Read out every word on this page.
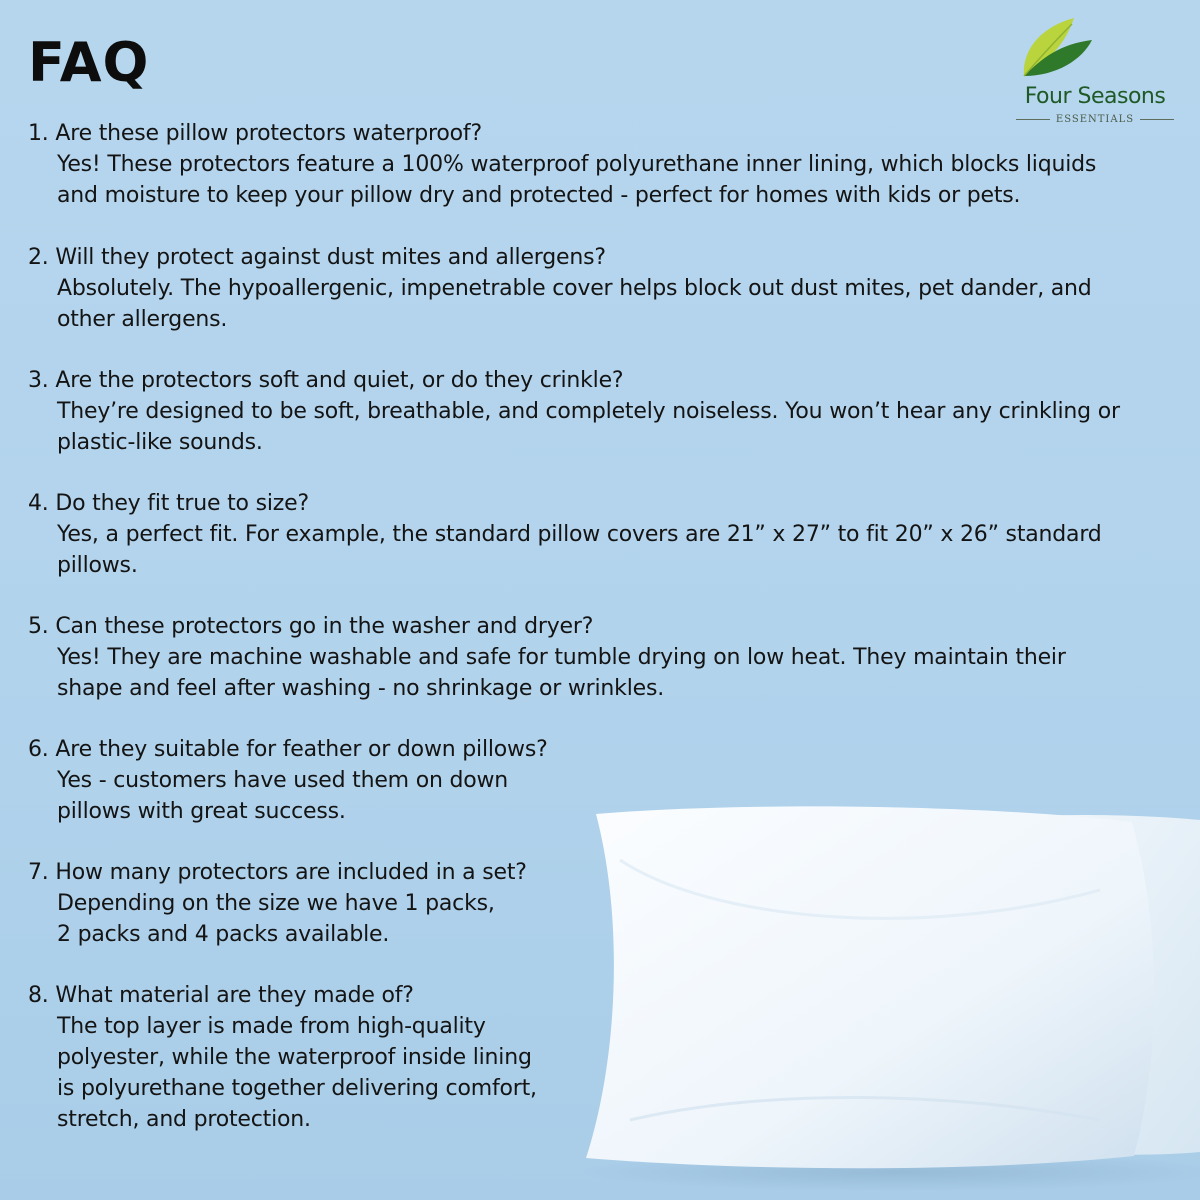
FAQ
Four Seasons
ESSENTIALS
1. Are these pillow protectors waterproof?
Yes! These protectors feature a 100% waterproof polyurethane inner lining, which blocks liquids
and moisture to keep your pillow dry and protected - perfect for homes with kids or pets.
2. Will they protect against dust mites and allergens?
Absolutely. The hypoallergenic, impenetrable cover helps block out dust mites, pet dander, and
other allergens.
3. Are the protectors soft and quiet, or do they crinkle?
They’re designed to be soft, breathable, and completely noiseless. You won’t hear any crinkling or
plastic-like sounds.
4. Do they fit true to size?
Yes, a perfect fit. For example, the standard pillow covers are 21” x 27” to fit 20” x 26” standard
pillows.
5. Can these protectors go in the washer and dryer?
Yes! They are machine washable and safe for tumble drying on low heat. They maintain their
shape and feel after washing - no shrinkage or wrinkles.
6. Are they suitable for feather or down pillows?
Yes - customers have used them on down
pillows with great success.
7. How many protectors are included in a set?
Depending on the size we have 1 packs,
2 packs and 4 packs available.
8. What material are they made of?
The top layer is made from high-quality
polyester, while the waterproof inside lining
is polyurethane together delivering comfort,
stretch, and protection.
